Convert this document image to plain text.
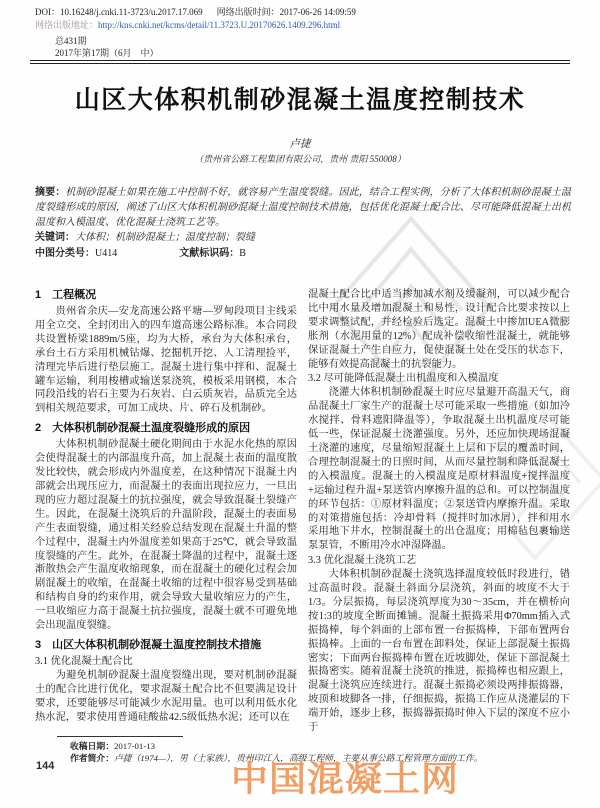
DOI：10.16248/j.cnki.11-3723/u.2017.17.069 网络出版时间：2017-06-26 14:09:59
网络出版地址：http://kns.cnki.net/kcms/detail/11.3723.U.20170626.1409.296.html
总431期
2017年第17期（6月　中）
山区大体积机制砂混凝土温度控制技术
卢捷
（贵州省公路工程集团有限公司，贵州 贵阳 550008）

摘要：机制砂混凝土如果在施工中控制不好，就容易产生温度裂缝。因此，结合工程实例，分析了大体积机制砂混凝土温度裂缝形成的原因，阐述了山区大体积机制砂混凝土温度控制技术措施，包括优化混凝土配合比、尽可能降低混凝土出机温度和入模温度、优化混凝土浇筑工艺等。

关键词：大体积；机制砂混凝土；温度控制；裂缝

中图分类号：U414	文献标识码：B

1　工程概况

贵州省余庆—安龙高速公路平塘—罗甸段项目主线采用全立交、全封闭出入的四车道高速公路标准。本合同段共设置桥梁1889m/5座，均为大桥，承台为大体积承台，承台土石方采用机械钻爆、挖掘机开挖、人工清理捡平，清理完毕后进行垫层施工。混凝土进行集中拌和、混凝土罐车运输，利用梭槽或输送泵浇筑，模板采用钢模，本合同段沿线的岩石主要为石灰岩、白云质灰岩，品质完全达到相关规范要求，可加工成块、片、碎石及机制砂。

2　大体积机制砂混凝土温度裂缝形成的原因

大体积机制砂混凝土硬化期间由于水泥水化热的原因会使得混凝土的内部温度升高，加上混凝土表面的温度散发比较快，就会形成内外温度差，在这种情况下混凝土内部就会出现压应力，而混凝土的表面出现拉应力，一旦出现的应力超过混凝土的抗拉强度，就会导致混凝土裂缝产生。因此，在混凝土浇筑后的升温阶段，混凝土的表面易产生表面裂缝，通过相关经验总结发现在混凝土升温的整个过程中，混凝土内外温度差如果高于25℃，就会导致温度裂缝的产生。此外，在混凝土降温的过程中，混凝土逐渐散热会产生温度收缩现象，而在混凝土的硬化过程会加剧混凝土的收缩，在混凝土收缩的过程中很容易受到基础和结构自身的约束作用，就会导致大量收缩应力的产生，一旦收缩应力高于混凝土抗拉强度，混凝土就不可避免地会出现温度裂缝。

3　山区大体积机制砂混凝土温度控制技术措施
3.1 优化混凝土配合比

为避免机制砂混凝土温度裂缝出现，要对机制砂混凝土的配合比进行优化，要求混凝土配合比不但要满足设计要求，还要能够尽可能减少水泥用量。也可以利用低水化热水泥，要求使用普通硅酸盐42.5级低热水泥；还可以在

混凝土配合比中适当掺加减水剂及缓凝剂，可以减少配合比中用水量及增加混凝土和易性，设计配合比要求按以上要求调整试配，并经检验后选定。混凝土中掺加UEA微膨胀剂（水泥用量的12%）配成补偿收缩性混凝土，就能够保证混凝土产生自应力，促使混凝土处在受压的状态下，能够有效提高混凝土的抗裂能力。

3.2 尽可能降低混凝土出机温度和入模温度

浇灌大体积机制砂混凝土时应尽量避开高温天气，商品混凝土厂家生产的混凝土尽可能采取一些措施（如加冷水搅拌、骨料遮阳降温等），争取混凝土出机温度尽可能低一些，保证混凝土浇灌强度。另外，还应加快现场混凝土浇灌的速度，尽量缩短混凝土上层和下层的覆盖时间，合理控制混凝土的日照时间，从而尽量控制和降低混凝土的入模温度。混凝土的入模温度是原材料温度+搅拌温度+运输过程升温+泵送管内摩擦升温的总和。可以控制温度的环节包括：①原材料温度；②泵送管内摩擦升温。采取的对策措施包括：冷却骨料（搅拌时加冰屑），拌和用水采用地下井水，控制混凝土的出仓温度；用棉毡包裹输送泵泵管，不断用冷水冲湿降温。

3.3 优化混凝土浇筑工艺

大体积机制砂混凝土浇筑选择温度较低时段进行，错过高温时段。混凝土斜面分层浇筑，斜面的坡度不大于1/3。分层振捣，每层浇筑厚度为30～35cm，并在横桥向按1:3的坡度全断面摊铺。混凝土振捣采用Φ70mm插入式振捣棒，每个斜面的上部布置一台振捣棒，下部布置两台振捣棒。上面的一台布置在卸料处，保证上部混凝土振捣密实；下面两台振捣棒布置在近坡脚处，保证下部混凝土振捣密实。随着混凝土浇筑的推进，振捣棒也相应跟上，混凝土浇筑应连续进行。混凝土振捣必须设两排振捣器，坡顶和坡脚各一排，仔细振捣，振捣工作应从浇灌层的下端开始，逐步上移，振捣器振捣时伸入下层的深度不应小于

收稿日期：2017-01-13
作者简介：卢捷（1974—），男（土家族），贵州印江人，高级工程师，主要从事公路工程管理方面的工作。
144	中国混凝土网
